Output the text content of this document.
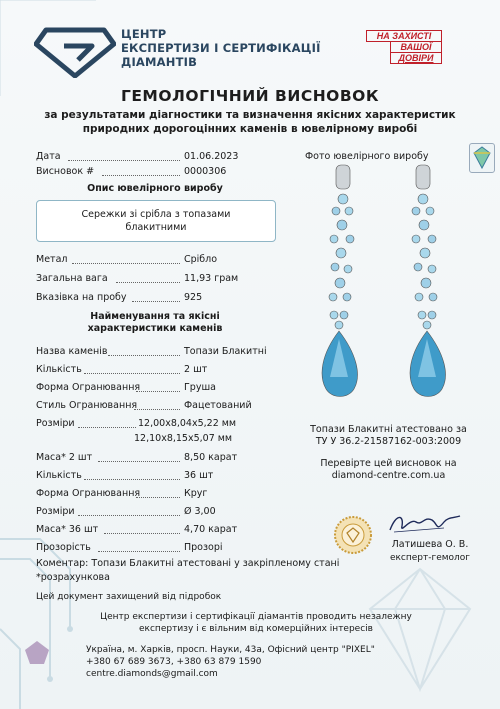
ЦЕНТР
ЕКСПЕРТИЗИ І СЕРТИФІКАЦІЇ
ДІАМАНТІВ
НА ЗАХИСТІ
ВАШОЇ
ДОВІРИ
ГЕМОЛОГІЧНИЙ ВИСНОВОК
за результатами діагностики та визначення якісних характеристик
природних дорогоцінних каменів в ювелірному виробі
Дата	01.06.2023
Висновок #	0000306
Опис ювелірного виробу
Сережки зі срібла з топазами
блакитними
Метал	Срібло
Загальна вага	11,93 грам
Вказівка на пробу	925
Найменування та якісні
характеристики каменів
Назва каменів	Топази Блакитні
Кількість	2 шт
Форма Огранювання	Груша
Стиль Огранювання	Фацетований
Розміри	12,00x8,04x5,22 мм
12,10x8,15x5,07 мм
Маса* 2 шт	8,50 карат
Кількість	36 шт
Форма Огранювання	Круг
Розміри	Ø 3,00
Маса* 36 шт	4,70 карат
Прозорість	Прозорі
Фото ювелірного виробу
Топази Блакитні атестовано за
ТУ У 36.2-21587162-003:2009
Перевірте цей висновок на
diamond-centre.com.ua
Латишева О. В.
експерт-гемолог
Коментар: Топази Блакитні атестовані у закріпленому стані
*розрахункова
Цей документ захищений від підробок
Центр експертизи і сертифікації діамантів проводить незалежну
експертизу і є вільним від комерційних інтересів
Україна, м. Харків, просп. Науки, 43а, Офісний центр "PIXEL"
+380 67 689 3673, +380 63 879 1590
centre.diamonds@gmail.com
